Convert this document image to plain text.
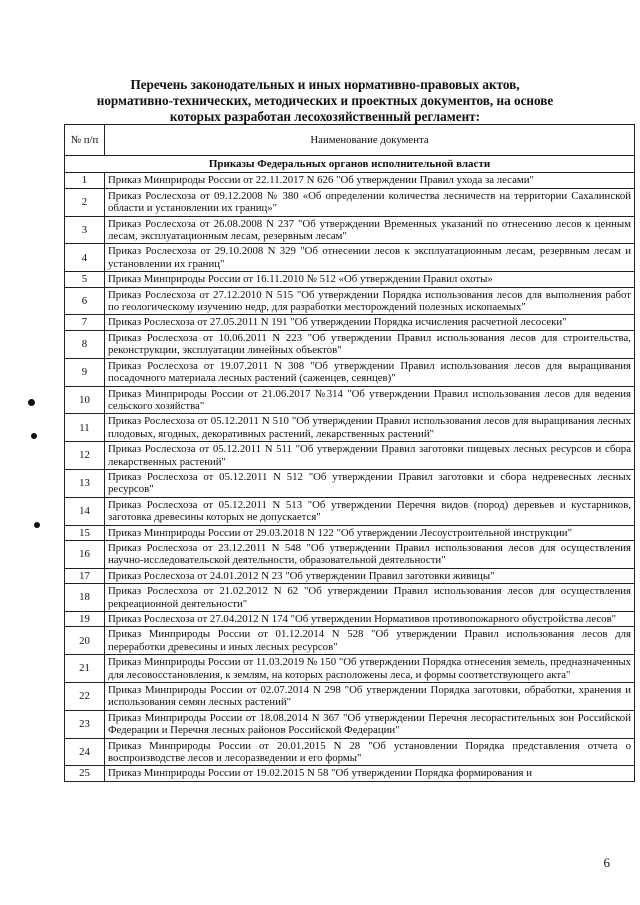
Перечень законодательных и иных нормативно-правовых актов,
нормативно-технических, методических и проектных документов, на основе
которых разработан лесохозяйственный регламент:
№ п/п	Наименование документа
Приказы Федеральных органов исполнительной власти	
1	Приказ Минприроды России от 22.11.2017 N 626 "Об утверждении Правил ухода за лесами"
2	Приказ Рослесхоза от 09.12.2008 № 380 «Об определении количества лесничеств на территории Сахалинской области и установлении их границ»"
3	Приказ Рослесхоза от 26.08.2008 N 237 "Об утверждении Временных указаний по отнесению лесов к ценным лесам, эксплуатационным лесам, резервным лесам"
4	Приказ Рослесхоза от 29.10.2008 N 329 "Об отнесении лесов к эксплуатационным лесам, резервным лесам и установлении их границ"
5	Приказ Минприроды России от 16.11.2010 № 512 «Об утверждении Правил охоты»
6	Приказ Рослесхоза от 27.12.2010 N 515 "Об утверждении Порядка использования лесов для выполнения работ по геологическому изучению недр, для разработки месторождений полезных ископаемых"
7	Приказ Рослесхоза от 27.05.2011 N 191 "Об утверждении Порядка исчисления расчетной лесосеки"
8	Приказ Рослесхоза от 10.06.2011 N 223 "Об утверждении Правил использования лесов для строительства, реконструкции, эксплуатации линейных объектов"
9	Приказ Рослесхоза от 19.07.2011 N 308 "Об утверждении Правил использования лесов для выращивания посадочного материала лесных растений (саженцев, сеянцев)"
10	Приказ Минприроды России от 21.06.2017 №314 "Об утверждении Правил использования лесов для ведения сельского хозяйства"
11	Приказ Рослесхоза от 05.12.2011 N 510 "Об утверждении Правил использования лесов для выращивания лесных плодовых, ягодных, декоративных растений, лекарственных растений"
12	Приказ Рослесхоза от 05.12.2011 N 511 "Об утверждении Правил заготовки пищевых лесных ресурсов и сбора лекарственных растений"
13	Приказ Рослесхоза от 05.12.2011 N 512 "Об утверждении Правил заготовки и сбора недревесных лесных ресурсов"
14	Приказ Рослесхоза от 05.12.2011 N 513 "Об утверждении Перечня видов (пород) деревьев и кустарников, заготовка древесины которых не допускается"
15	Приказ Минприроды России от 29.03.2018 N 122 "Об утверждении Лесоустроительной инструкции"
16	Приказ Рослесхоза от 23.12.2011 N 548 "Об утверждении Правил использования лесов для осуществления научно-исследовательской деятельности, образовательной деятельности"
17	Приказ Рослесхоза от 24.01.2012 N 23 "Об утверждении Правил заготовки живицы"
18	Приказ Рослесхоза от 21.02.2012 N 62 "Об утверждении Правил использования лесов для осуществления рекреационной деятельности"
19	Приказ Рослесхоза от 27.04.2012 N 174 "Об утверждении Нормативов противопожарного обустройства лесов"
20	Приказ Минприроды России от 01.12.2014 N 528 "Об утверждении Правил использования лесов для переработки древесины и иных лесных ресурсов"
21	Приказ Минприроды России от 11.03.2019 № 150 "Об утверждении Порядка отнесения земель, предназначенных для лесовосстановления, к землям, на которых расположены леса, и формы соответствующего акта"
22	Приказ Минприроды России от 02.07.2014 N 298 "Об утверждении Порядка заготовки, обработки, хранения и использования семян лесных растений"
23	Приказ Минприроды России от 18.08.2014 N 367 "Об утверждении Перечня лесорастительных зон Российской Федерации и Перечня лесных районов Российской Федерации"
24	Приказ Минприроды России от 20.01.2015 N 28 "Об установлении Порядка представления отчета о воспроизводстве лесов и лесоразведении и его формы"
25	Приказ Минприроды России от 19.02.2015 N 58 "Об утверждении Порядка формирования и
6
